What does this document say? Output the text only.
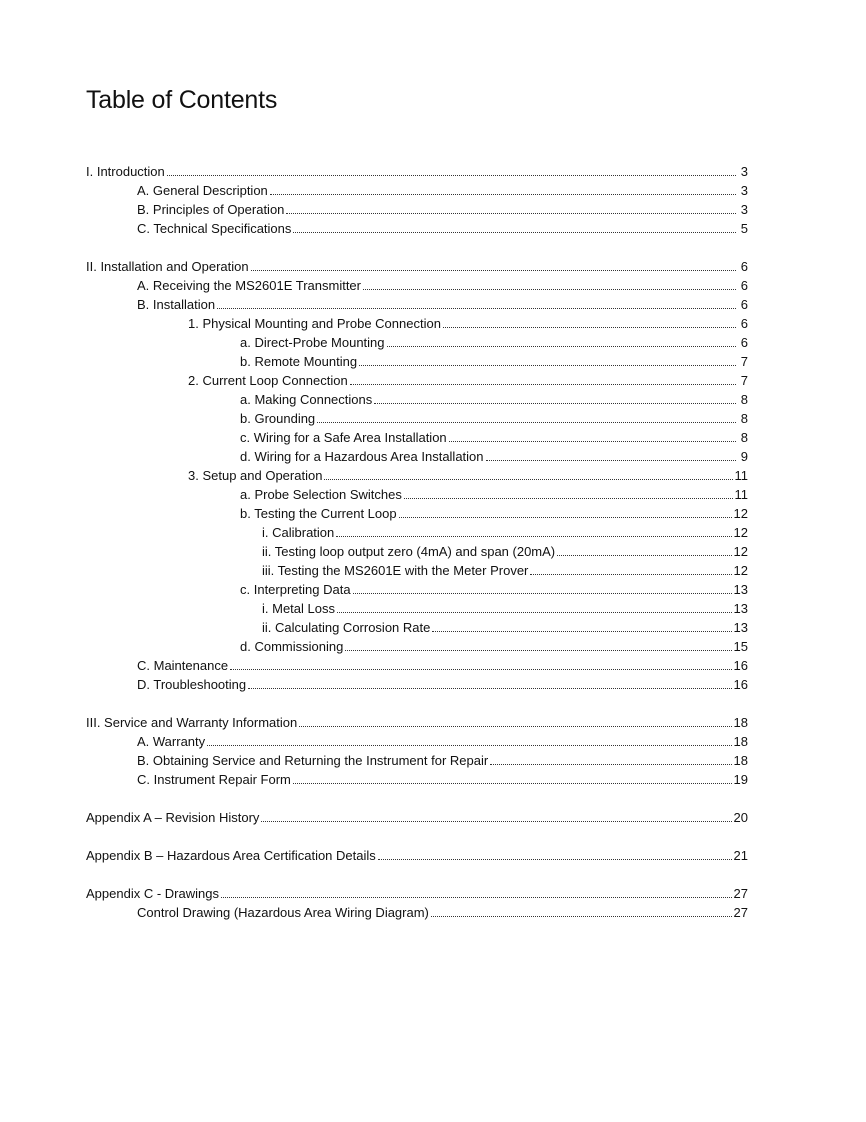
Table of Contents
I. Introduction	3
A. General Description	3
B. Principles of Operation	3
C. Technical Specifications	5
II. Installation and Operation	6
A. Receiving the MS2601E Transmitter	6
B. Installation	6
1. Physical Mounting and Probe Connection	6
a. Direct-Probe Mounting	6
b. Remote Mounting	7
2. Current Loop Connection	7
a. Making Connections	8
b. Grounding	8
c. Wiring for a Safe Area Installation	8
d. Wiring for a Hazardous Area Installation	9
3. Setup and Operation	11
a. Probe Selection Switches	11
b. Testing the Current Loop	12
i. Calibration	12
ii. Testing loop output zero (4mA) and span (20mA)	12
iii. Testing the MS2601E with the Meter Prover	12
c. Interpreting Data	13
i. Metal Loss	13
ii. Calculating Corrosion Rate	13
d. Commissioning	15
C. Maintenance	16
D. Troubleshooting	16
III. Service and Warranty Information	18
A. Warranty	18
B. Obtaining Service and Returning the Instrument for Repair	18
C. Instrument Repair Form	19
Appendix A – Revision History	20
Appendix B – Hazardous Area Certification Details	21
Appendix C - Drawings	27
Control Drawing (Hazardous Area Wiring Diagram)	27
